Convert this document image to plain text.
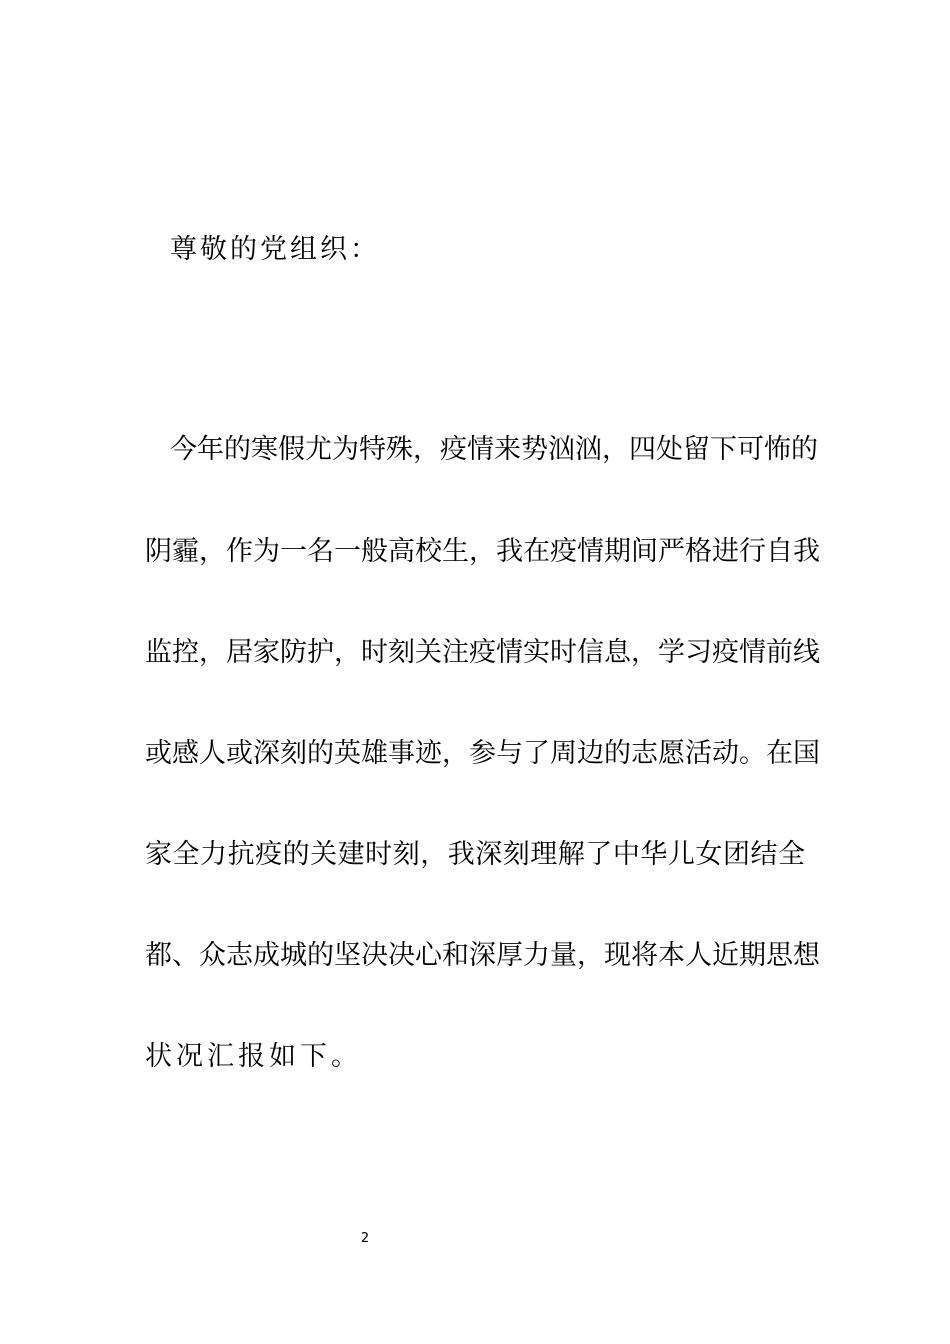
尊敬的党组织：
今年的寒假尤为特殊，疫情来势汹汹，四处留下可怖的
阴霾，作为一名一般高校生，我在疫情期间严格进行自我
监控，居家防护，时刻关注疫情实时信息，学习疫情前线
或感人或深刻的英雄事迹，参与了周边的志愿活动。在国
家全力抗疫的关建时刻，我深刻理解了中华儿女团结全
都、众志成城的坚决决心和深厚力量，现将本人近期思想
状况汇报如下。
2
